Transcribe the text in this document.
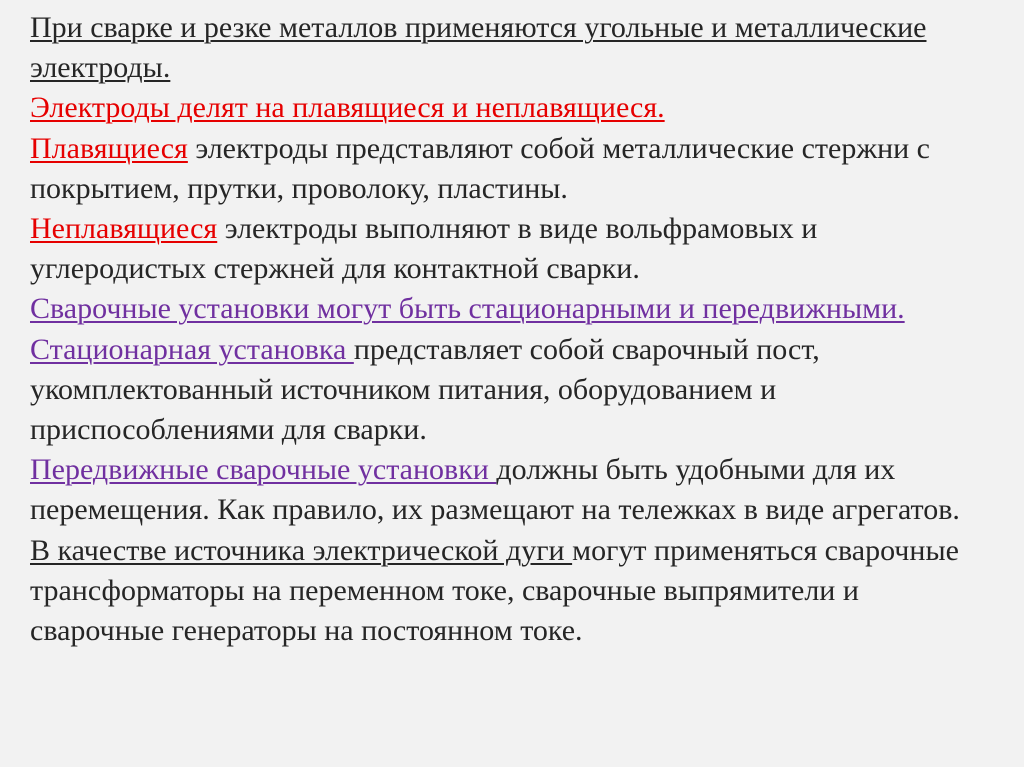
При сварке и резке металлов применяются угольные и металлические электроды.

Электроды делят на плавящиеся и неплавящиеся.

Плавящиеся электроды представляют собой металлические стержни с покрытием, прутки, проволоку, пластины.

Неплавящиеся электроды выполняют в виде вольфрамовых и углеродистых стержней для контактной сварки.

Сварочные установки могут быть стационарными и передвижными.

Стационарная установка представляет собой сварочный пост, укомплектованный источником питания, оборудованием и приспособлениями для сварки.

Передвижные сварочные установки должны быть удобными для их перемещения. Как правило, их размещают на тележках в виде агрегатов.

В качестве источника электрической дуги могут применяться сварочные трансформаторы на переменном токе, сварочные выпрямители и сварочные генераторы на постоянном токе.
